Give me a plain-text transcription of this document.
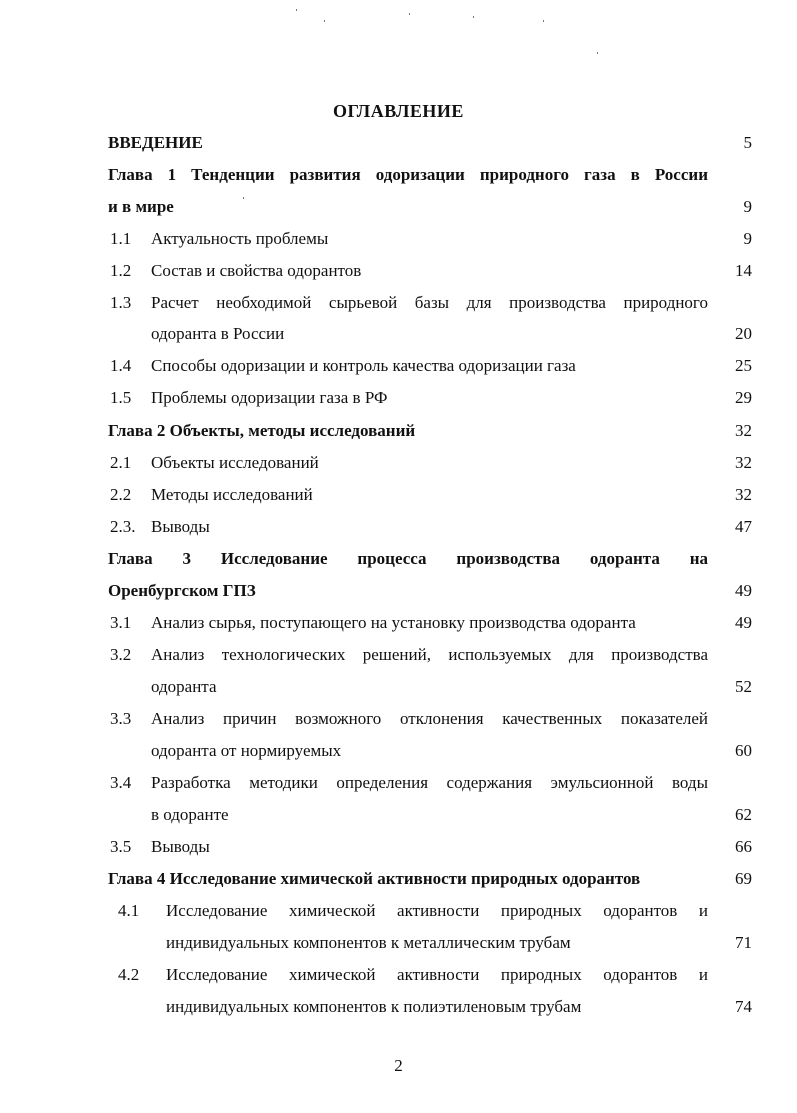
ОГЛАВЛЕНИЕ
ВВЕДЕНИЕ	5
Глава 1 Тенденции развития одоризации природного газа в России
и в мире	9
1.1 Актуальность проблемы	9
1.2 Состав и свойства одорантов	14
1.3 Расчет необходимой сырьевой базы для производства природного
одоранта в России	20
1.4 Способы одоризации и контроль качества одоризации газа	25
1.5 Проблемы одоризации газа в РФ	29
Глава 2 Объекты, методы исследований	32
2.1 Объекты исследований	32
2.2 Методы исследований	32
2.3. Выводы	47
Глава 3 Исследование процесса производства одоранта на
Оренбургском ГПЗ	49
3.1 Анализ сырья, поступающего на установку производства одоранта	49
3.2 Анализ технологических решений, используемых для производства
одоранта	52
3.3 Анализ причин возможного отклонения качественных показателей
одоранта от нормируемых	60
3.4 Разработка методики определения содержания эмульсионной воды
в одоранте	62
3.5 Выводы	66
Глава 4 Исследование химической активности природных одорантов	69
4.1 Исследование химической активности природных одорантов и
индивидуальных компонентов к металлическим трубам	71
4.2 Исследование химической активности природных одорантов и
индивидуальных компонентов к полиэтиленовым трубам	74
2
